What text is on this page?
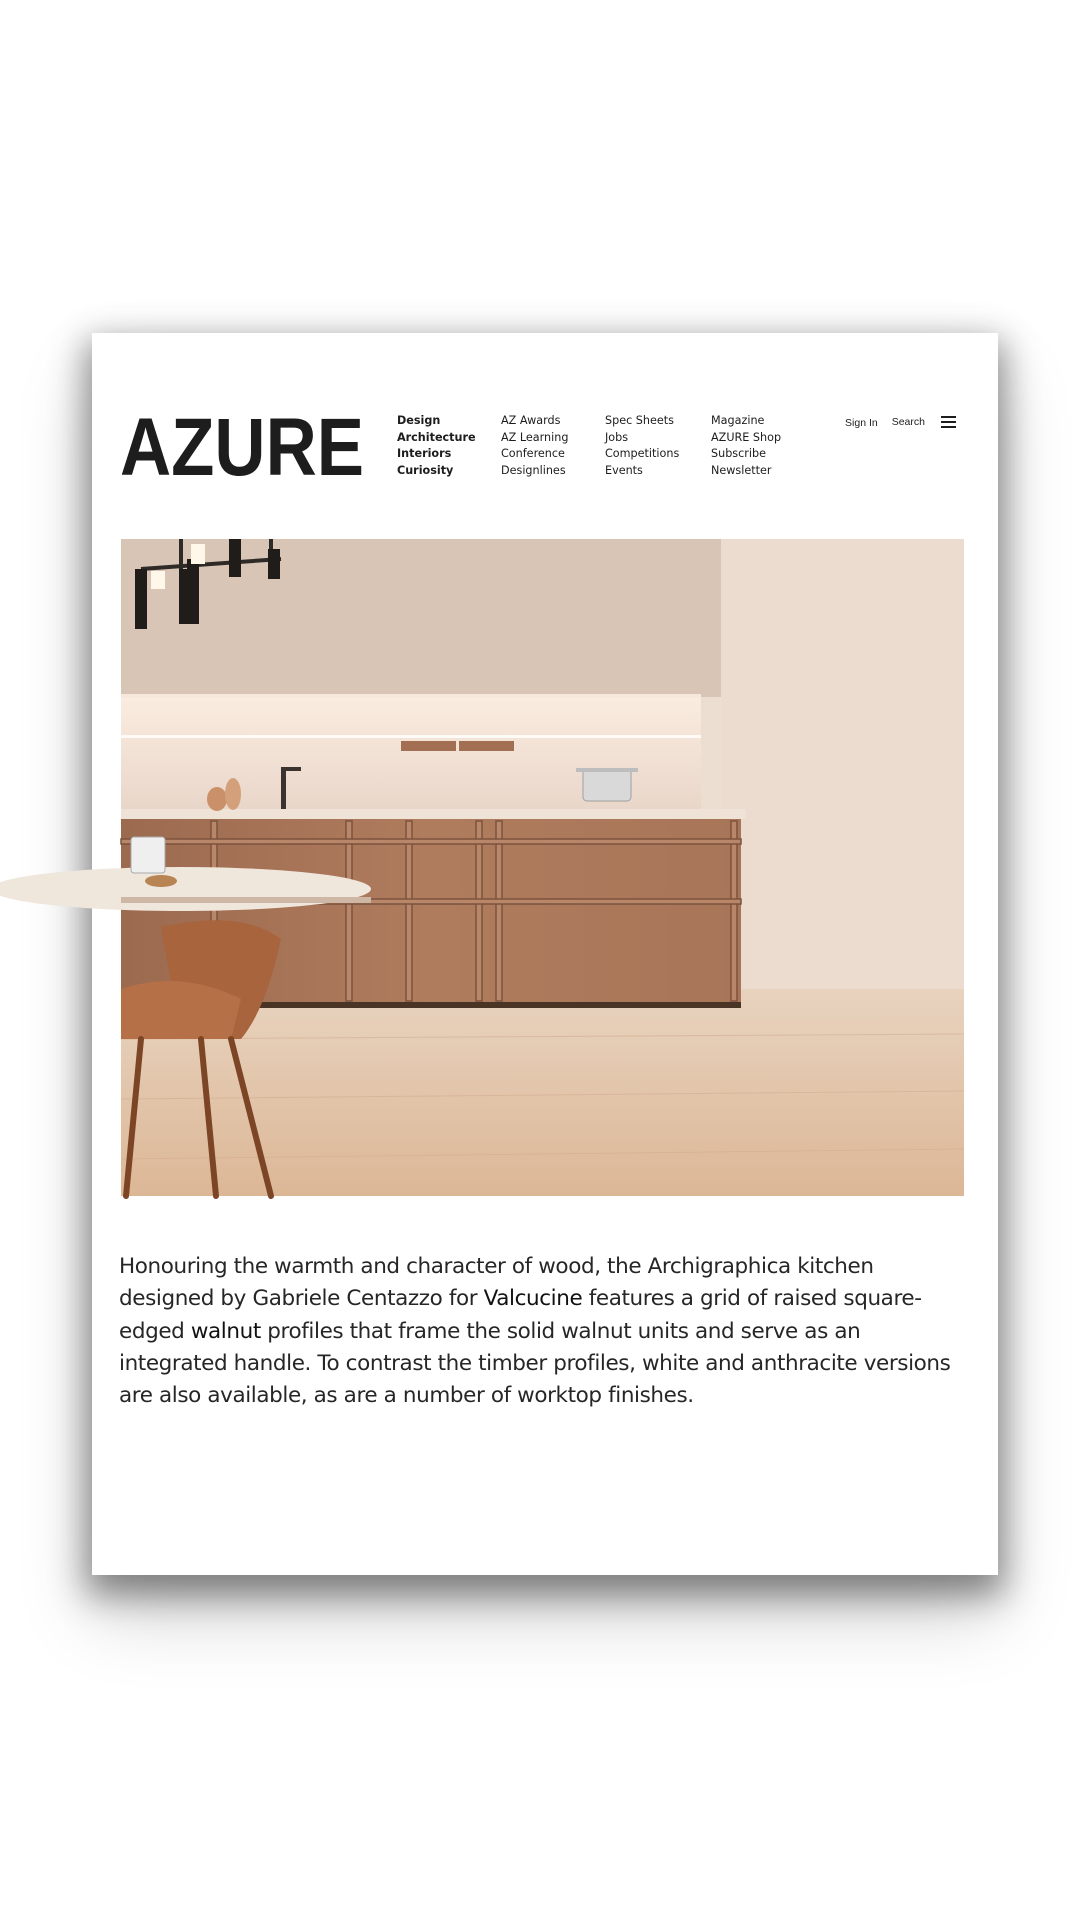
AZURE	Design
Architecture
Interiors
Curiosity
AZ Awards
AZ Learning
Conference
Designlines
Spec Sheets
Jobs
Competitions
Events
Magazine
AZURE Shop
Subscribe
Newsletter
Sign In Search

Honouring the warmth and character of wood, the Archigraphica kitchen designed by Gabriele Centazzo for Valcucine features a grid of raised square-edged walnut profiles that frame the solid walnut units and serve as an integrated handle. To contrast the timber profiles, white and anthracite versions are also available, as are a number of worktop finishes.
